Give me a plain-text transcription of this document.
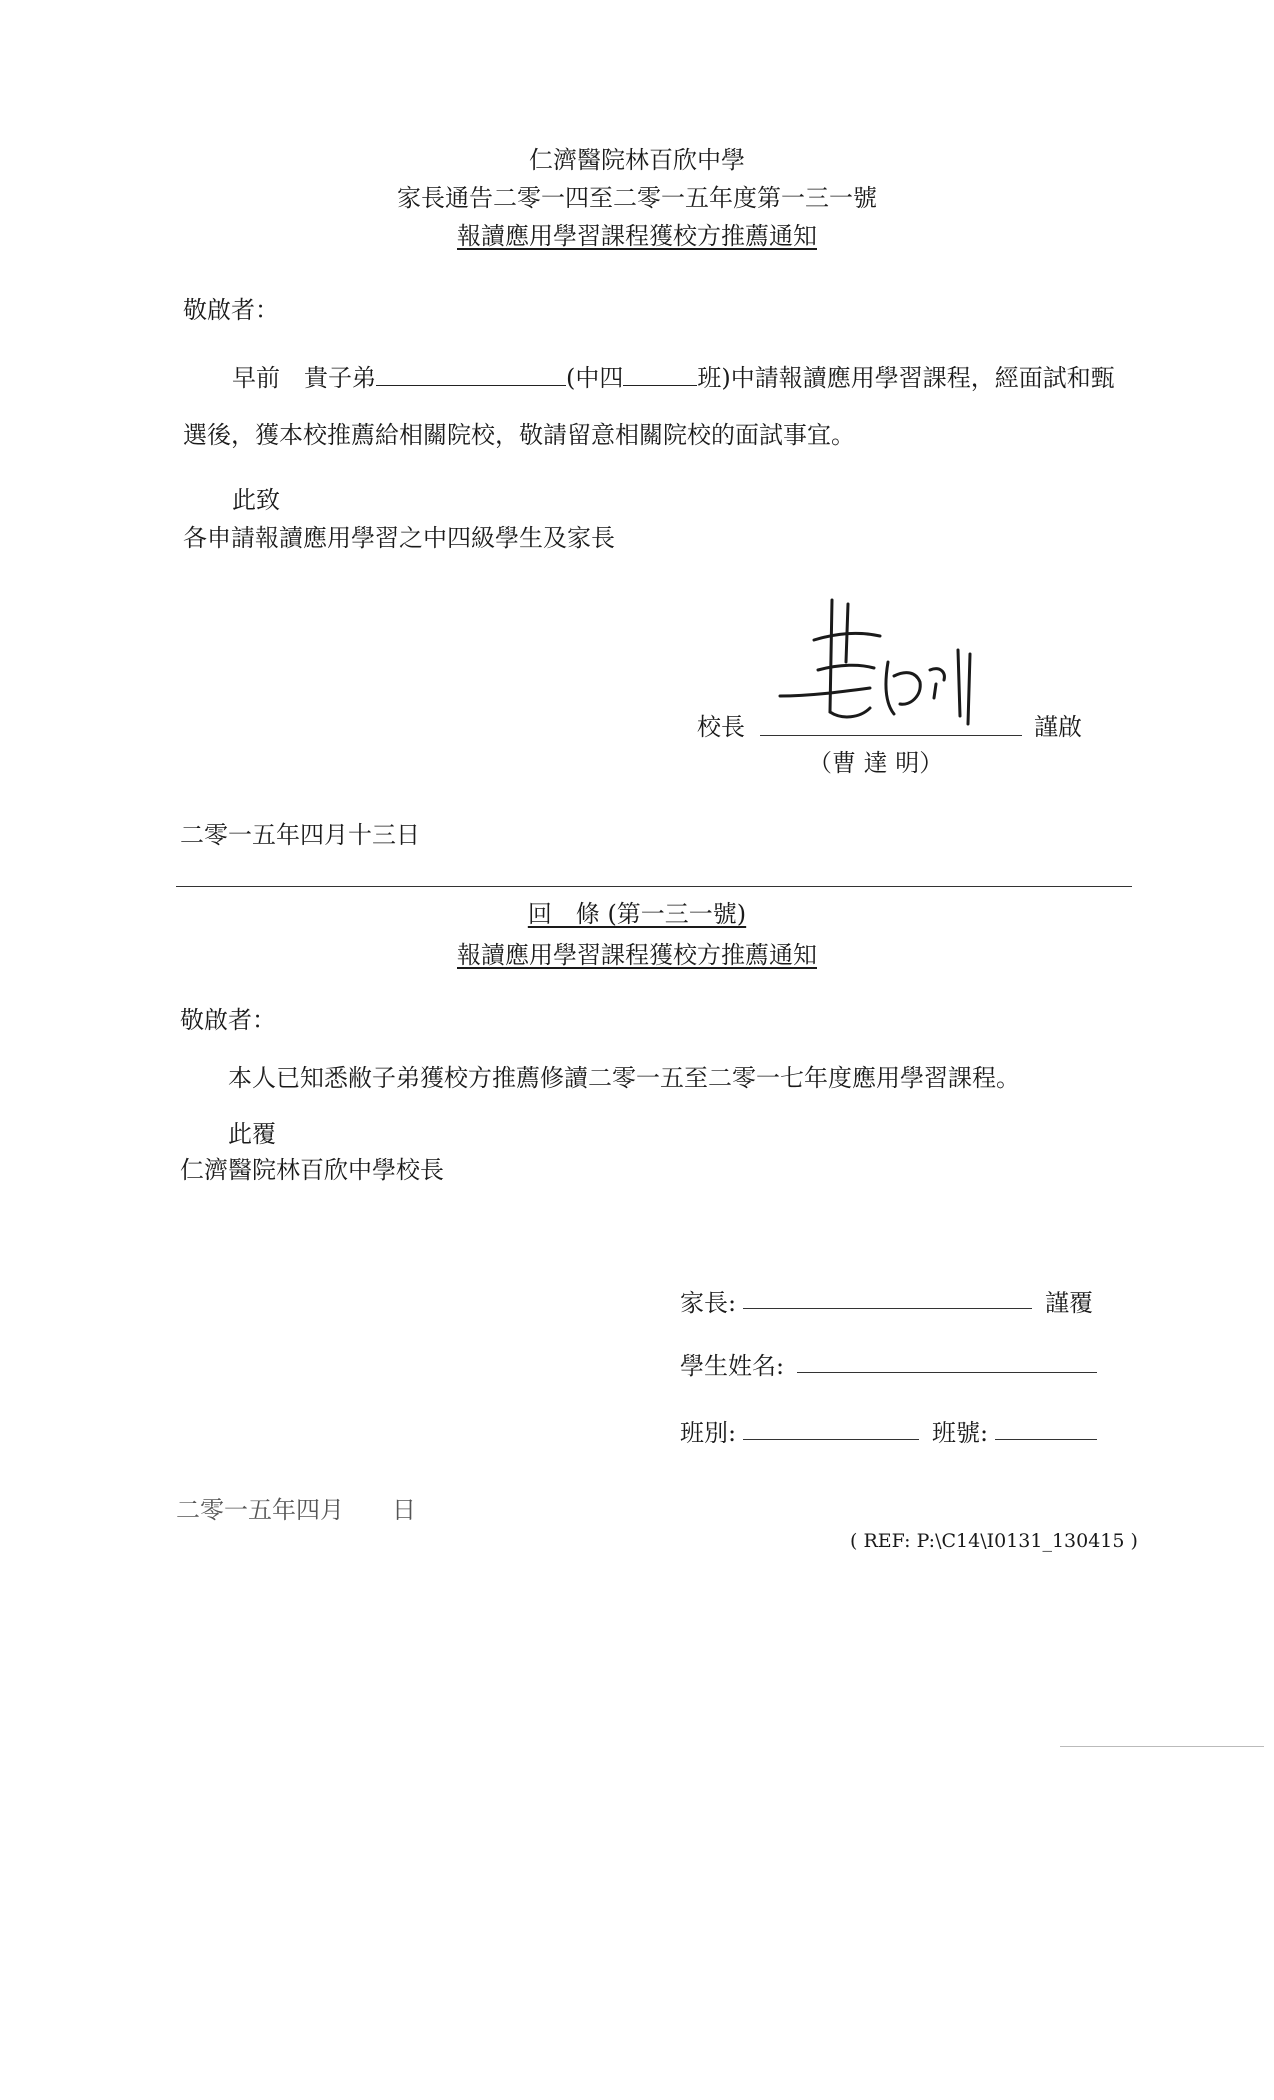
仁濟醫院林百欣中學
家長通告二零一四至二零一五年度第一三一號
報讀應用學習課程獲校方推薦通知
敬啟者：
早前　貴子弟	(中四	班)中請報讀應用學習課程，經面試和甄
選後，獲本校推薦給相關院校，敬請留意相關院校的面試事宜。
此致
各申請報讀應用學習之中四級學生及家長
校長	謹啟
（曹 達 明）
二零一五年四月十三日
回　條 (第一三一號)
報讀應用學習課程獲校方推薦通知
敬啟者：
本人已知悉敝子弟獲校方推薦修讀二零一五至二零一七年度應用學習課程。
此覆
仁濟醫院林百欣中學校長
家長:	謹覆
學生姓名:
班別:	班號:
二零一五年四月　　日
( REF: P:\C14\I0131_130415 )
